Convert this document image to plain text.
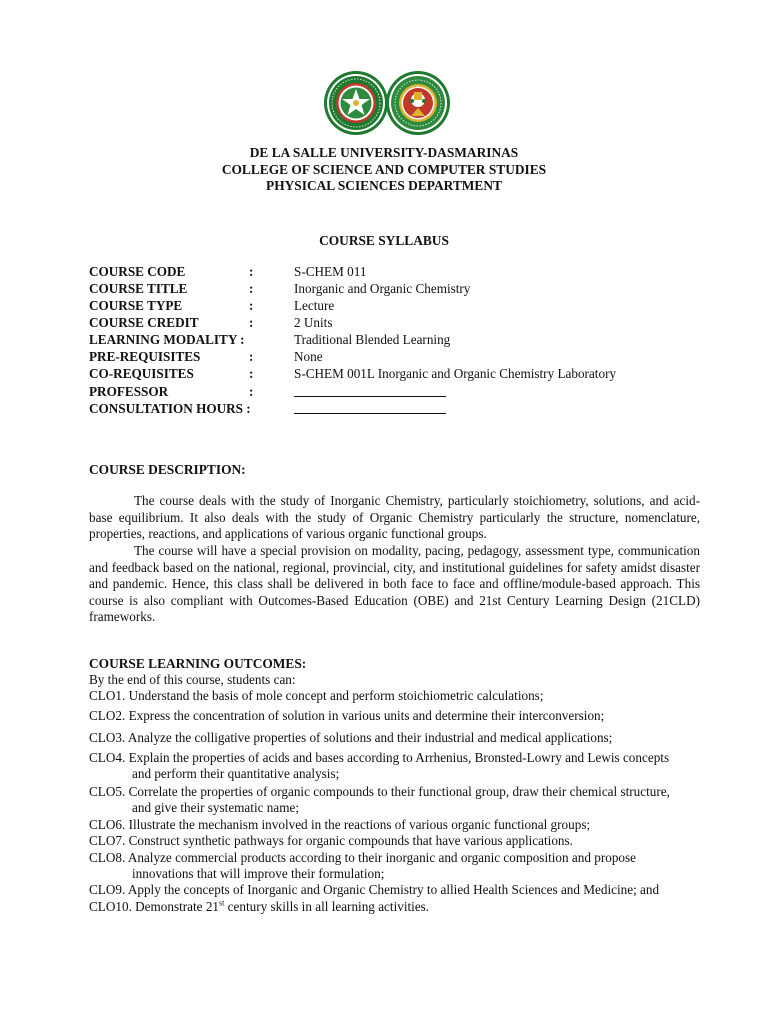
DE LA SALLE UNIVERSITY-DASMARINAS
COLLEGE OF SCIENCE AND COMPUTER STUDIES
PHYSICAL SCIENCES DEPARTMENT
COURSE SYLLABUS
COURSE CODE	:	S-CHEM 011
COURSE TITLE	:	Inorganic and Organic Chemistry
COURSE TYPE	:	Lecture
COURSE CREDIT	:	2 Units
LEARNING MODALITY :	Traditional Blended Learning
PRE-REQUISITES	:	None
CO-REQUISITES	:	S-CHEM 001L Inorganic and Organic Chemistry Laboratory
PROFESSOR	:
CONSULTATION HOURS :
COURSE DESCRIPTION:
The course deals with the study of Inorganic Chemistry, particularly stoichiometry, solutions, and acid-base equilibrium. It also deals with the study of Organic Chemistry particularly the structure, nomenclature, properties, reactions, and applications of various organic functional groups.
The course will have a special provision on modality, pacing, pedagogy, assessment type, communication and feedback based on the national, regional, provincial, city, and institutional guidelines for safety amidst disaster and pandemic. Hence, this class shall be delivered in both face to face and offline/module-based approach. This course is also compliant with Outcomes-Based Education (OBE) and 21st Century Learning Design (21CLD) frameworks.
COURSE LEARNING OUTCOMES:
By the end of this course, students can:
CLO1. Understand the basis of mole concept and perform stoichiometric calculations;
CLO2. Express the concentration of solution in various units and determine their interconversion;
CLO3. Analyze the colligative properties of solutions and their industrial and medical applications;
CLO4. Explain the properties of acids and bases according to Arrhenius, Bronsted-Lowry and Lewis concepts
and perform their quantitative analysis;
CLO5. Correlate the properties of organic compounds to their functional group, draw their chemical structure,
and give their systematic name;
CLO6. Illustrate the mechanism involved in the reactions of various organic functional groups;
CLO7. Construct synthetic pathways for organic compounds that have various applications.
CLO8. Analyze commercial products according to their inorganic and organic composition and propose
innovations that will improve their formulation;
CLO9. Apply the concepts of Inorganic and Organic Chemistry to allied Health Sciences and Medicine; and
CLO10. Demonstrate 21st century skills in all learning activities.
